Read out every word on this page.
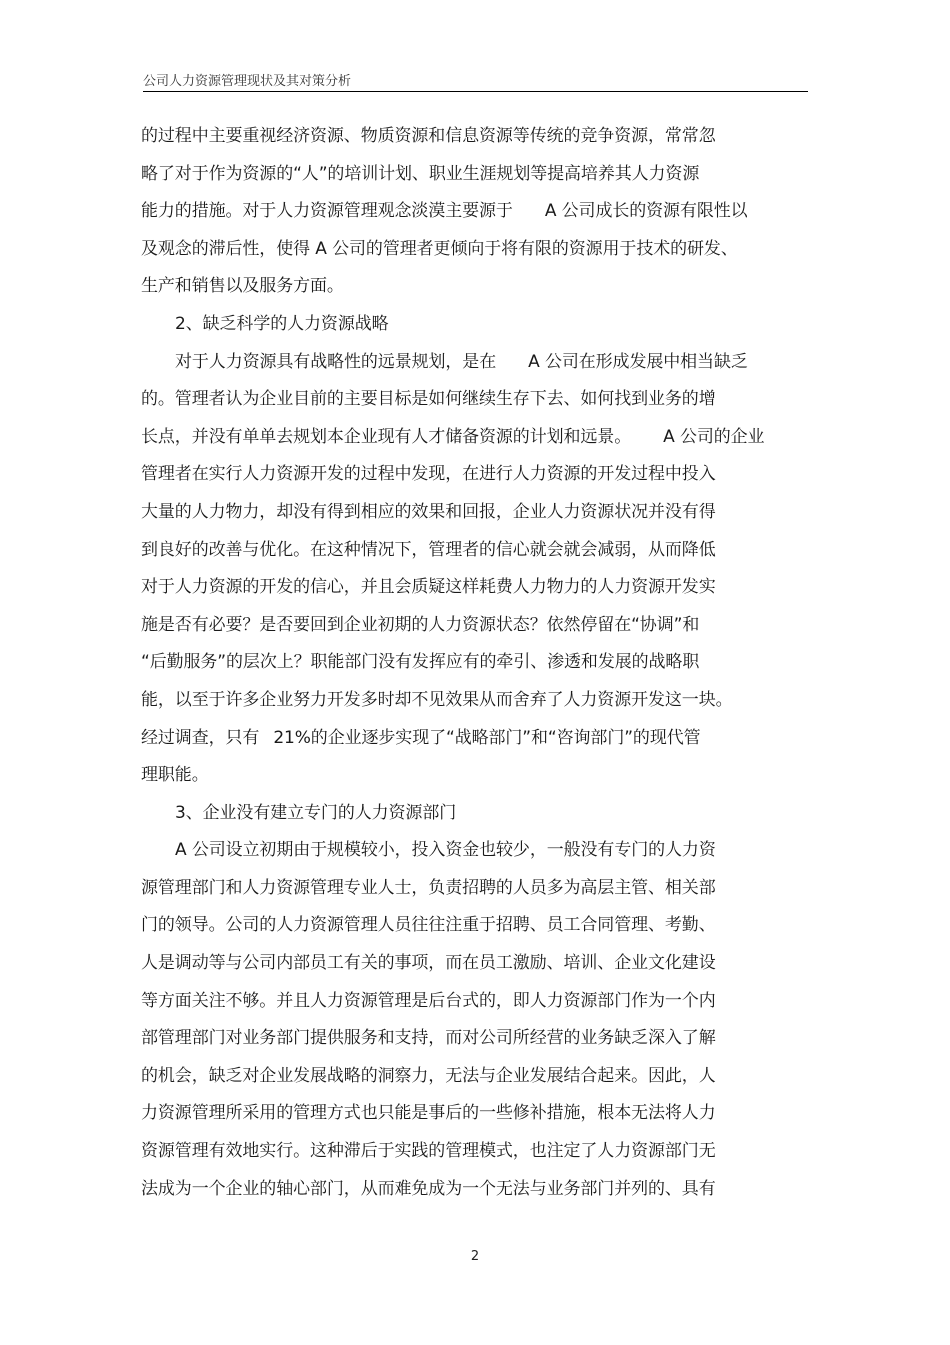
公司人力资源管理现状及其对策分析
的过程中主要重视经济资源、物质资源和信息资源等传统的竞争资源，常常忽
略了对于作为资源的“人”的培训计划、职业生涯规划等提高培养其人力资源
能力的措施。对于人力资源管理观念淡漠主要源于 A 公司成长的资源有限性以
及观念的滞后性，使得 A 公司的管理者更倾向于将有限的资源用于技术的研发、
生产和销售以及服务方面。
2、缺乏科学的人力资源战略
对于人力资源具有战略性的远景规划，是在 A 公司在形成发展中相当缺乏
的。管理者认为企业目前的主要目标是如何继续生存下去、如何找到业务的增
长点，并没有单单去规划本企业现有人才储备资源的计划和远景。 A 公司的企业
管理者在实行人力资源开发的过程中发现，在进行人力资源的开发过程中投入
大量的人力物力，却没有得到相应的效果和回报，企业人力资源状况并没有得
到良好的改善与优化。在这种情况下，管理者的信心就会就会减弱，从而降低
对于人力资源的开发的信心，并且会质疑这样耗费人力物力的人力资源开发实
施是否有必要？是否要回到企业初期的人力资源状态？依然停留在“协调”和
“后勤服务”的层次上？职能部门没有发挥应有的牵引、渗透和发展的战略职
能，以至于许多企业努力开发多时却不见效果从而舍弃了人力资源开发这一块。
经过调查，只有 21%的企业逐步实现了“战略部门”和“咨询部门”的现代管
理职能。
3、企业没有建立专门的人力资源部门
A 公司设立初期由于规模较小，投入资金也较少，一般没有专门的人力资
源管理部门和人力资源管理专业人士，负责招聘的人员多为高层主管、相关部
门的领导。公司的人力资源管理人员往往注重于招聘、员工合同管理、考勤、
人是调动等与公司内部员工有关的事项，而在员工激励、培训、企业文化建设
等方面关注不够。并且人力资源管理是后台式的，即人力资源部门作为一个内
部管理部门对业务部门提供服务和支持，而对公司所经营的业务缺乏深入了解
的机会，缺乏对企业发展战略的洞察力，无法与企业发展结合起来。因此，人
力资源管理所采用的管理方式也只能是事后的一些修补措施，根本无法将人力
资源管理有效地实行。这种滞后于实践的管理模式，也注定了人力资源部门无
法成为一个企业的轴心部门，从而难免成为一个无法与业务部门并列的、具有
2
